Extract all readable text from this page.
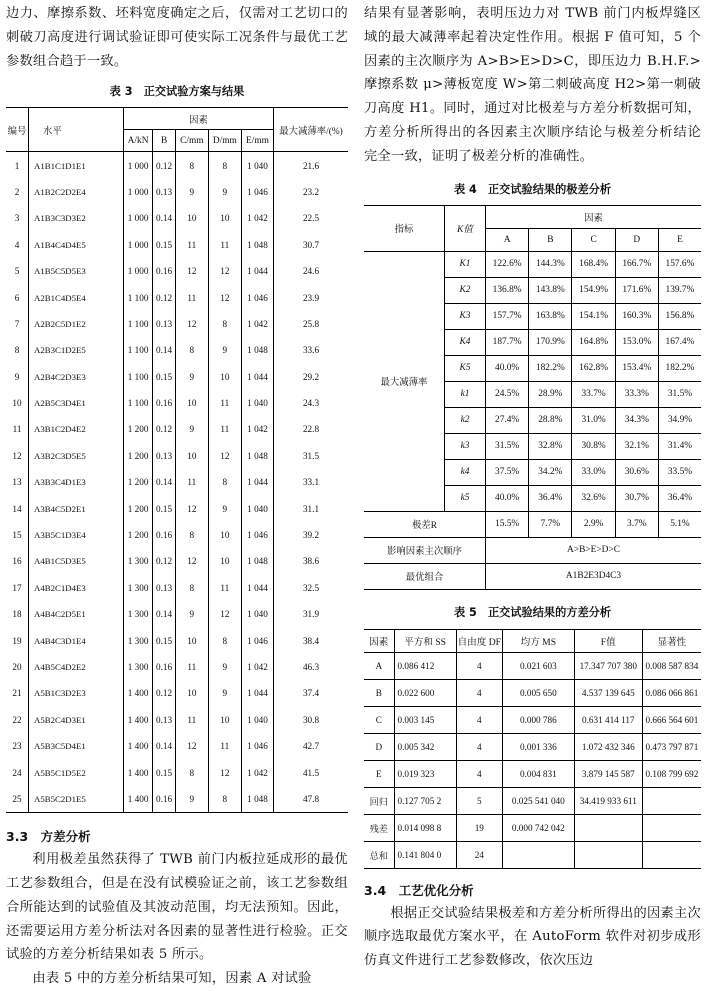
边力、摩擦系数、坯料宽度确定之后，仅需对工艺切口的刺破刀高度进行调试验证即可使实际工况条件与最优工艺参数组合趋于一致。

表 3　正交试验方案与结果

编号	水平	因素					最大减薄率/(%)
		A/kN	B	C/mm	D/mm	E/mm	
1	A1B1C1D1E1	1 000	0.12	8	8	1 040	21.6
2	A1B2C2D2E4	1 000	0.13	9	9	1 046	23.2
3	A1B3C3D3E2	1 000	0.14	10	10	1 042	22.5
4	A1B4C4D4E5	1 000	0.15	11	11	1 048	30.7
5	A1B5C5D5E3	1 000	0.16	12	12	1 044	24.6
6	A2B1C4D5E4	1 100	0.12	11	12	1 046	23.9
7	A2B2C5D1E2	1 100	0.13	12	8	1 042	25.8
8	A2B3C1D2E5	1 100	0.14	8	9	1 048	33.6
9	A2B4C2D3E3	1 100	0.15	9	10	1 044	29.2
10	A2B5C3D4E1	1 100	0.16	10	11	1 040	24.3
11	A3B1C2D4E2	1 200	0.12	9	11	1 042	22.8
12	A3B2C3D5E5	1 200	0.13	10	12	1 048	31.5
13	A3B3C4D1E3	1 200	0.14	11	8	1 044	33.1
14	A3B4C5D2E1	1 200	0.15	12	9	1 040	31.1
15	A3B5C1D3E4	1 200	0.16	8	10	1 046	39.2
16	A4B1C5D3E5	1 300	0.12	12	10	1 048	38.6
17	A4B2C1D4E3	1 300	0.13	8	11	1 044	32.5
18	A4B4C2D5E1	1 300	0.14	9	12	1 040	31.9
19	A4B4C3D1E4	1 300	0.15	10	8	1 046	38.4
20	A4B5C4D2E2	1 300	0.16	11	9	1 042	46.3
21	A5B1C3D2E3	1 400	0.12	10	9	1 044	37.4
22	A5B2C4D3E1	1 400	0.13	11	10	1 040	30.8
23	A5B3C5D4E1	1 400	0.14	12	11	1 046	42.7
24	A5B5C1D5E2	1 400	0.15	8	12	1 042	41.5
25	A5B5C2D1E5	1 400	0.16	9	8	1 048	47.8

3.3　方差分析

利用极差虽然获得了 TWB 前门内板拉延成形的最优工艺参数组合，但是在没有试模验证之前，该工艺参数组合所能达到的试验值及其波动范围，均无法预知。因此，还需要运用方差分析法对各因素的显著性进行检验。正交试验的方差分析结果如表 5 所示。

由表 5 中的方差分析结果可知，因素 A 对试验

结果有显著影响，表明压边力对 TWB 前门内板焊缝区域的最大减薄率起着决定性作用。根据 F 值可知，5 个因素的主次顺序为 A>B>E>D>C，即压边力 B.H.F.> 摩擦系数 μ>薄板宽度 W>第二刺破高度 H2>第一刺破刀高度 H1。同时，通过对比极差与方差分析数据可知，方差分析所得出的各因素主次顺序结论与极差分析结论完全一致，证明了极差分析的准确性。

表 4　正交试验结果的极差分析

指标	K值	因素				
		A	B	C	D	E
最大减薄率	K1	122.6%	144.3%	168.4%	166.7%	157.6%
	K2	136.8%	143.8%	154.9%	171.6%	139.7%
	K3	157.7%	163.8%	154.1%	160.3%	156.8%
	K4	187.7%	170.9%	164.8%	153.0%	167.4%
	K5	40.0%	182.2%	162.8%	153.4%	182.2%
	k1	24.5%	28.9%	33.7%	33.3%	31.5%
	k2	27.4%	28.8%	31.0%	34.3%	34.9%
	k3	31.5%	32.8%	30.8%	32.1%	31.4%
	k4	37.5%	34.2%	33.0%	30.6%	33.5%
	k5	40.0%	36.4%	32.6%	30.7%	36.4%
极差R		15.5%	7.7%	2.9%	3.7%	5.1%
影响因素主次顺序		A>B>E>D>C				
最优组合		A1B2E3D4C3				

表 5　正交试验结果的方差分析

因素	平方和 SS	自由度 DF	均方 MS	F值	显著性
A	0.086 412	4	0.021 603	17.347 707 380	0.008 587 834
B	0.022 600	4	0.005 650	4.537 139 645	0.086 066 861
C	0.003 145	4	0.000 786	0.631 414 117	0.666 564 601
D	0.005 342	4	0.001 336	1.072 432 346	0.473 797 871
E	0.019 323	4	0.004 831	3.879 145 587	0.108 799 692
回归	0.127 705 2	5	0.025 541 040	34.419 933 611	
残差	0.014 098 8	19	0.000 742 042		
总和	0.141 804 0	24			

3.4　工艺优化分析

根据正交试验结果极差和方差分析所得出的因素主次顺序选取最优方案水平，在 AutoForm 软件对初步成形仿真文件进行工艺参数修改，依次压边
